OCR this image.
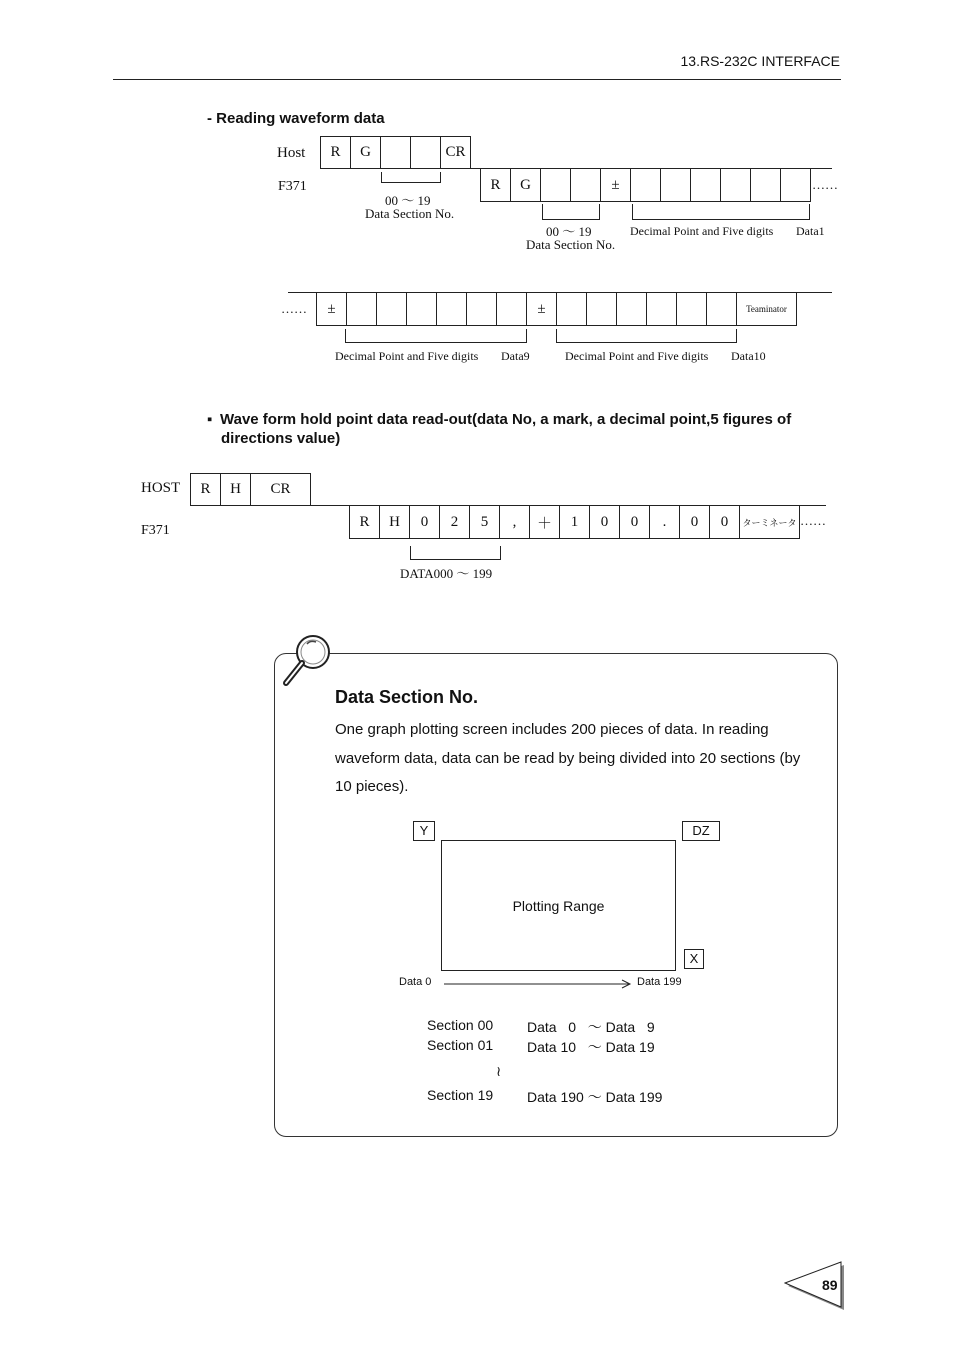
13.RS-232C INTERFACE
- Reading waveform data
Host
F371
R	G	CR
R	G	±	……
00 ～ 19
Data Section No.
00 ～ 19
Data Section No.
Decimal Point and Five digits Data1
……	±	±	Teaminator
Decimal Point and Five digits Data9	Decimal Point and Five digits Data10
▪ Wave form hold point data read-out(data No, a mark, a decimal point,5 figures of
directions value)
HOST
F371
R	H	CR
R	H	0	2	5	,	＋	1	0	0	.	0	0	ターミネータ ……
DATA000 ～ 199
Data Section No.
One graph plotting screen includes 200 pieces of data. In reading waveform data, data can be read by being divided into 20 sections (by 10 pieces).
Y	DZ
Plotting Range
X
Data 0	Data 199
Section 00 Data   0   ～ Data   9
Section 01 Data 10   ～ Data 19
≀
Section 19 Data 190 ～ Data 199
89
